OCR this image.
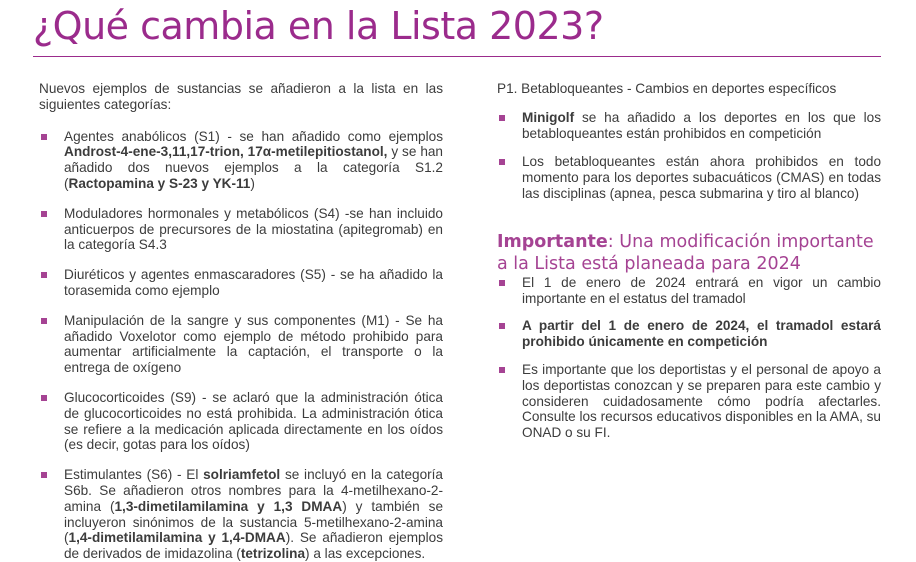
¿Qué cambia en la Lista 2023?

Nuevos ejemplos de sustancias se añadieron a la lista en las siguientes categorías:

Agentes anabólicos (S1) - se han añadido como ejemplos Androst-4-ene-3,11,17-trion, 17α-metilepitiostanol, y se han añadido dos nuevos ejemplos a la categoría S1.2 (Ractopamina y S-23 y YK-11)
Moduladores hormonales y metabólicos (S4) -se han incluido anticuerpos de precursores de la miostatina (apitegromab) en la categoría S4.3
Diuréticos y agentes enmascaradores (S5) - se ha añadido la torasemida como ejemplo
Manipulación de la sangre y sus componentes (M1) - Se ha añadido Voxelotor como ejemplo de método prohibido para aumentar artificialmente la captación, el transporte o la entrega de oxígeno
Glucocorticoides (S9) - se aclaró que la administración ótica de glucocorticoides no está prohibida. La administración ótica se refiere a la medicación aplicada directamente en los oídos (es decir, gotas para los oídos)
Estimulantes (S6) - El solriamfetol se incluyó en la categoría S6b. Se añadieron otros nombres para la 4-metilhexano-2-amina (1,3-dimetilamilamina y 1,3 DMAA) y también se incluyeron sinónimos de la sustancia 5-metilhexano-2-amina (1,4-dimetilamilamina y 1,4-DMAA). Se añadieron ejemplos de derivados de imidazolina (tetrizolina) a las excepciones.

P1. Betabloqueantes - Cambios en deportes específicos

Minigolf se ha añadido a los deportes en los que los betabloqueantes están prohibidos en competición
Los betabloqueantes están ahora prohibidos en todo momento para los deportes subacuáticos (CMAS) en todas las disciplinas (apnea, pesca submarina y tiro al blanco)
Importante: Una modificación importante a la Lista está planeada para 2024
El 1 de enero de 2024 entrará en vigor un cambio importante en el estatus del tramadol
A partir del 1 de enero de 2024, el tramadol estará prohibido únicamente en competición
Es importante que los deportistas y el personal de apoyo a los deportistas conozcan y se preparen para este cambio y consideren cuidadosamente cómo podría afectarles. Consulte los recursos educativos disponibles en la AMA, su ONAD o su FI.
